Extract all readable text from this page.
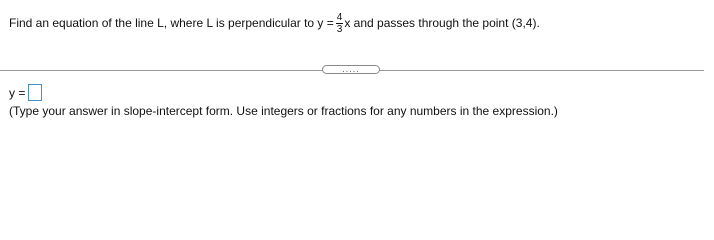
Find an equation of the line L, where L is perpendicular to $y = \frac{4}{3}$ x and passes through the point (3,4).
.....
y =
(Type your answer in slope-intercept form. Use integers or fractions for any numbers in the expression.)
